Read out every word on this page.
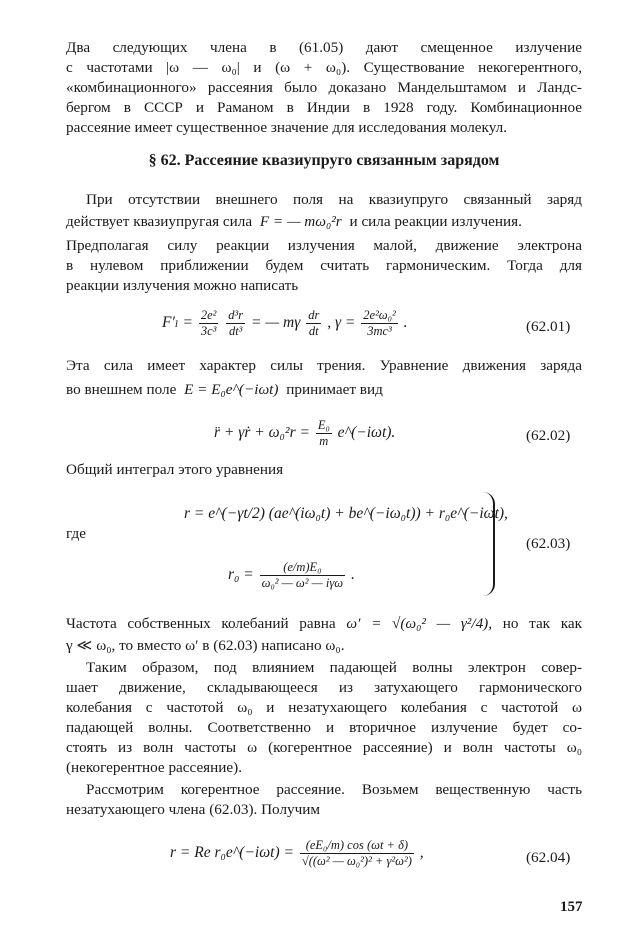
Два следующих члена в (61.05) дают смещенное излучение
с частотами |ω — ω₀| и (ω + ω₀). Существование некогерентного,
«комбинационного» рассеяния было доказано Мандельштамом и Ландс-
бергом в СССР и Раманом в Индии в 1928 году. Комбинационное
рассеяние имеет существенное значение для исследования молекул.
§ 62. Рассеяние квазиупруго связанным зарядом
При отсутствии внешнего поля на квазиупруго связанный заряд
действует квазиупругая сила F = — mω₀²r и сила реакции излучения.
Предполагая силу реакции излучения малой, движение электрона
в нулевом приближении будем считать гармоническим. Тогда для
реакции излучения можно написать
$F'_l = \frac{\text{2e²}}{\text{3c³}}$
$\frac{\text{d³r}}{\text{dt³}}$ = — mγ $\frac{dr}{dt}$ , $\gamma = \frac{\text{2e²ω₀²}}{\text{3mc³}}$ .	(62.01)
Эта сила имеет характер силы трения. Уравнение движения заряда
во внешнем поле E = E₀e^(−iωt) принимает вид
r̈ + γṙ + $\omega_0^2r = \frac{\text{E₀}}{m}$ e^(−iωt).	(62.02)
Общий интеграл этого уравнения
r = e^(−γt/2) (ae^(iω₀t) + be^(−iω₀t)) + r₀e^(−iωt),
где
$r_0 = \frac{\text{(e/m)E₀}}{\text{ω₀² — ω² — iγω}}$ .
(62.03)
Частота собственных колебаний равна ω′ = √(ω₀² — γ²/4), но так как
γ ≪ ω₀, то вместо ω′ в (62.03) написано ω₀.
Таким образом, под влиянием падающей волны электрон совер-
шает движение, складывающееся из затухающего гармонического
колебания с частотой ω₀ и незатухающего колебания с частотой ω
падающей волны. Соответственно и вторичное излучение будет со-
стоять из волн частоты ω (когерентное рассеяние) и волн частоты ω₀
(некогерентное рассеяние).
Рассмотрим когерентное рассеяние. Возьмем вещественную часть
незатухающего члена (62.03). Получим
r = Re r₀e^(−iωt) = $\frac{\text{(eE₀/m) cos (ωt + δ)}}{\text{√((ω² — ω₀²)² + γ²ω²)}}$ ,	(62.04)
157
